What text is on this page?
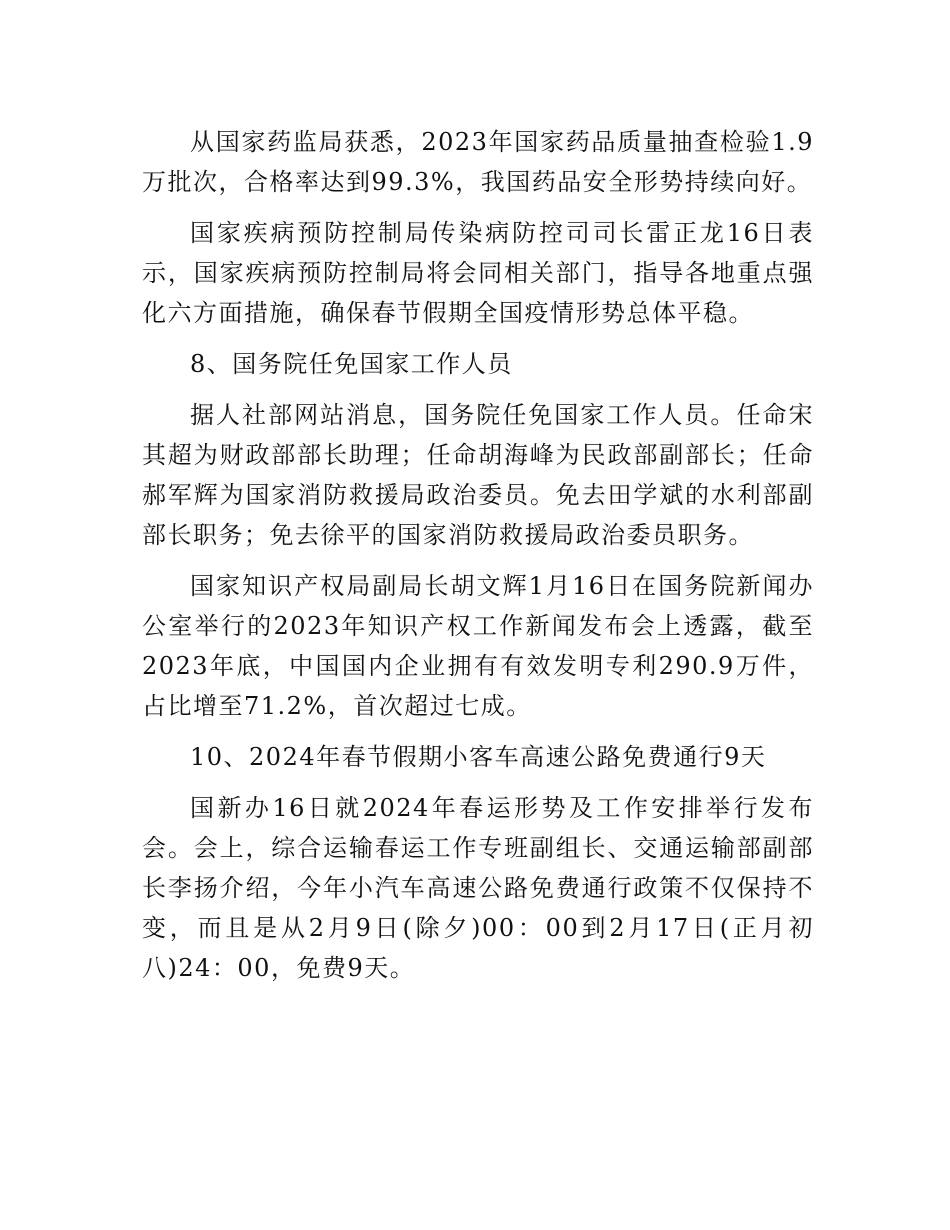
从国家药监局获悉，2023年国家药品质量抽查检验1.9万批次，合格率达到99.3%，我国药品安全形势持续向好。

国家疾病预防控制局传染病防控司司长雷正龙16日表示，国家疾病预防控制局将会同相关部门，指导各地重点强化六方面措施，确保春节假期全国疫情形势总体平稳。

8、国务院任免国家工作人员

据人社部网站消息，国务院任免国家工作人员。任命宋其超为财政部部长助理；任命胡海峰为民政部副部长；任命郝军辉为国家消防救援局政治委员。免去田学斌的水利部副部长职务；免去徐平的国家消防救援局政治委员职务。

国家知识产权局副局长胡文辉1月16日在国务院新闻办公室举行的2023年知识产权工作新闻发布会上透露，截至2023年底，中国国内企业拥有有效发明专利290.9万件，占比增至71.2%，首次超过七成。

10、2024年春节假期小客车高速公路免费通行9天

国新办16日就2024年春运形势及工作安排举行发布会。会上，综合运输春运工作专班副组长、交通运输部副部长李扬介绍，今年小汽车高速公路免费通行政策不仅保持不变，而且是从2月9日(除夕)00：00到2月17日(正月初八)24：00，免费9天。
